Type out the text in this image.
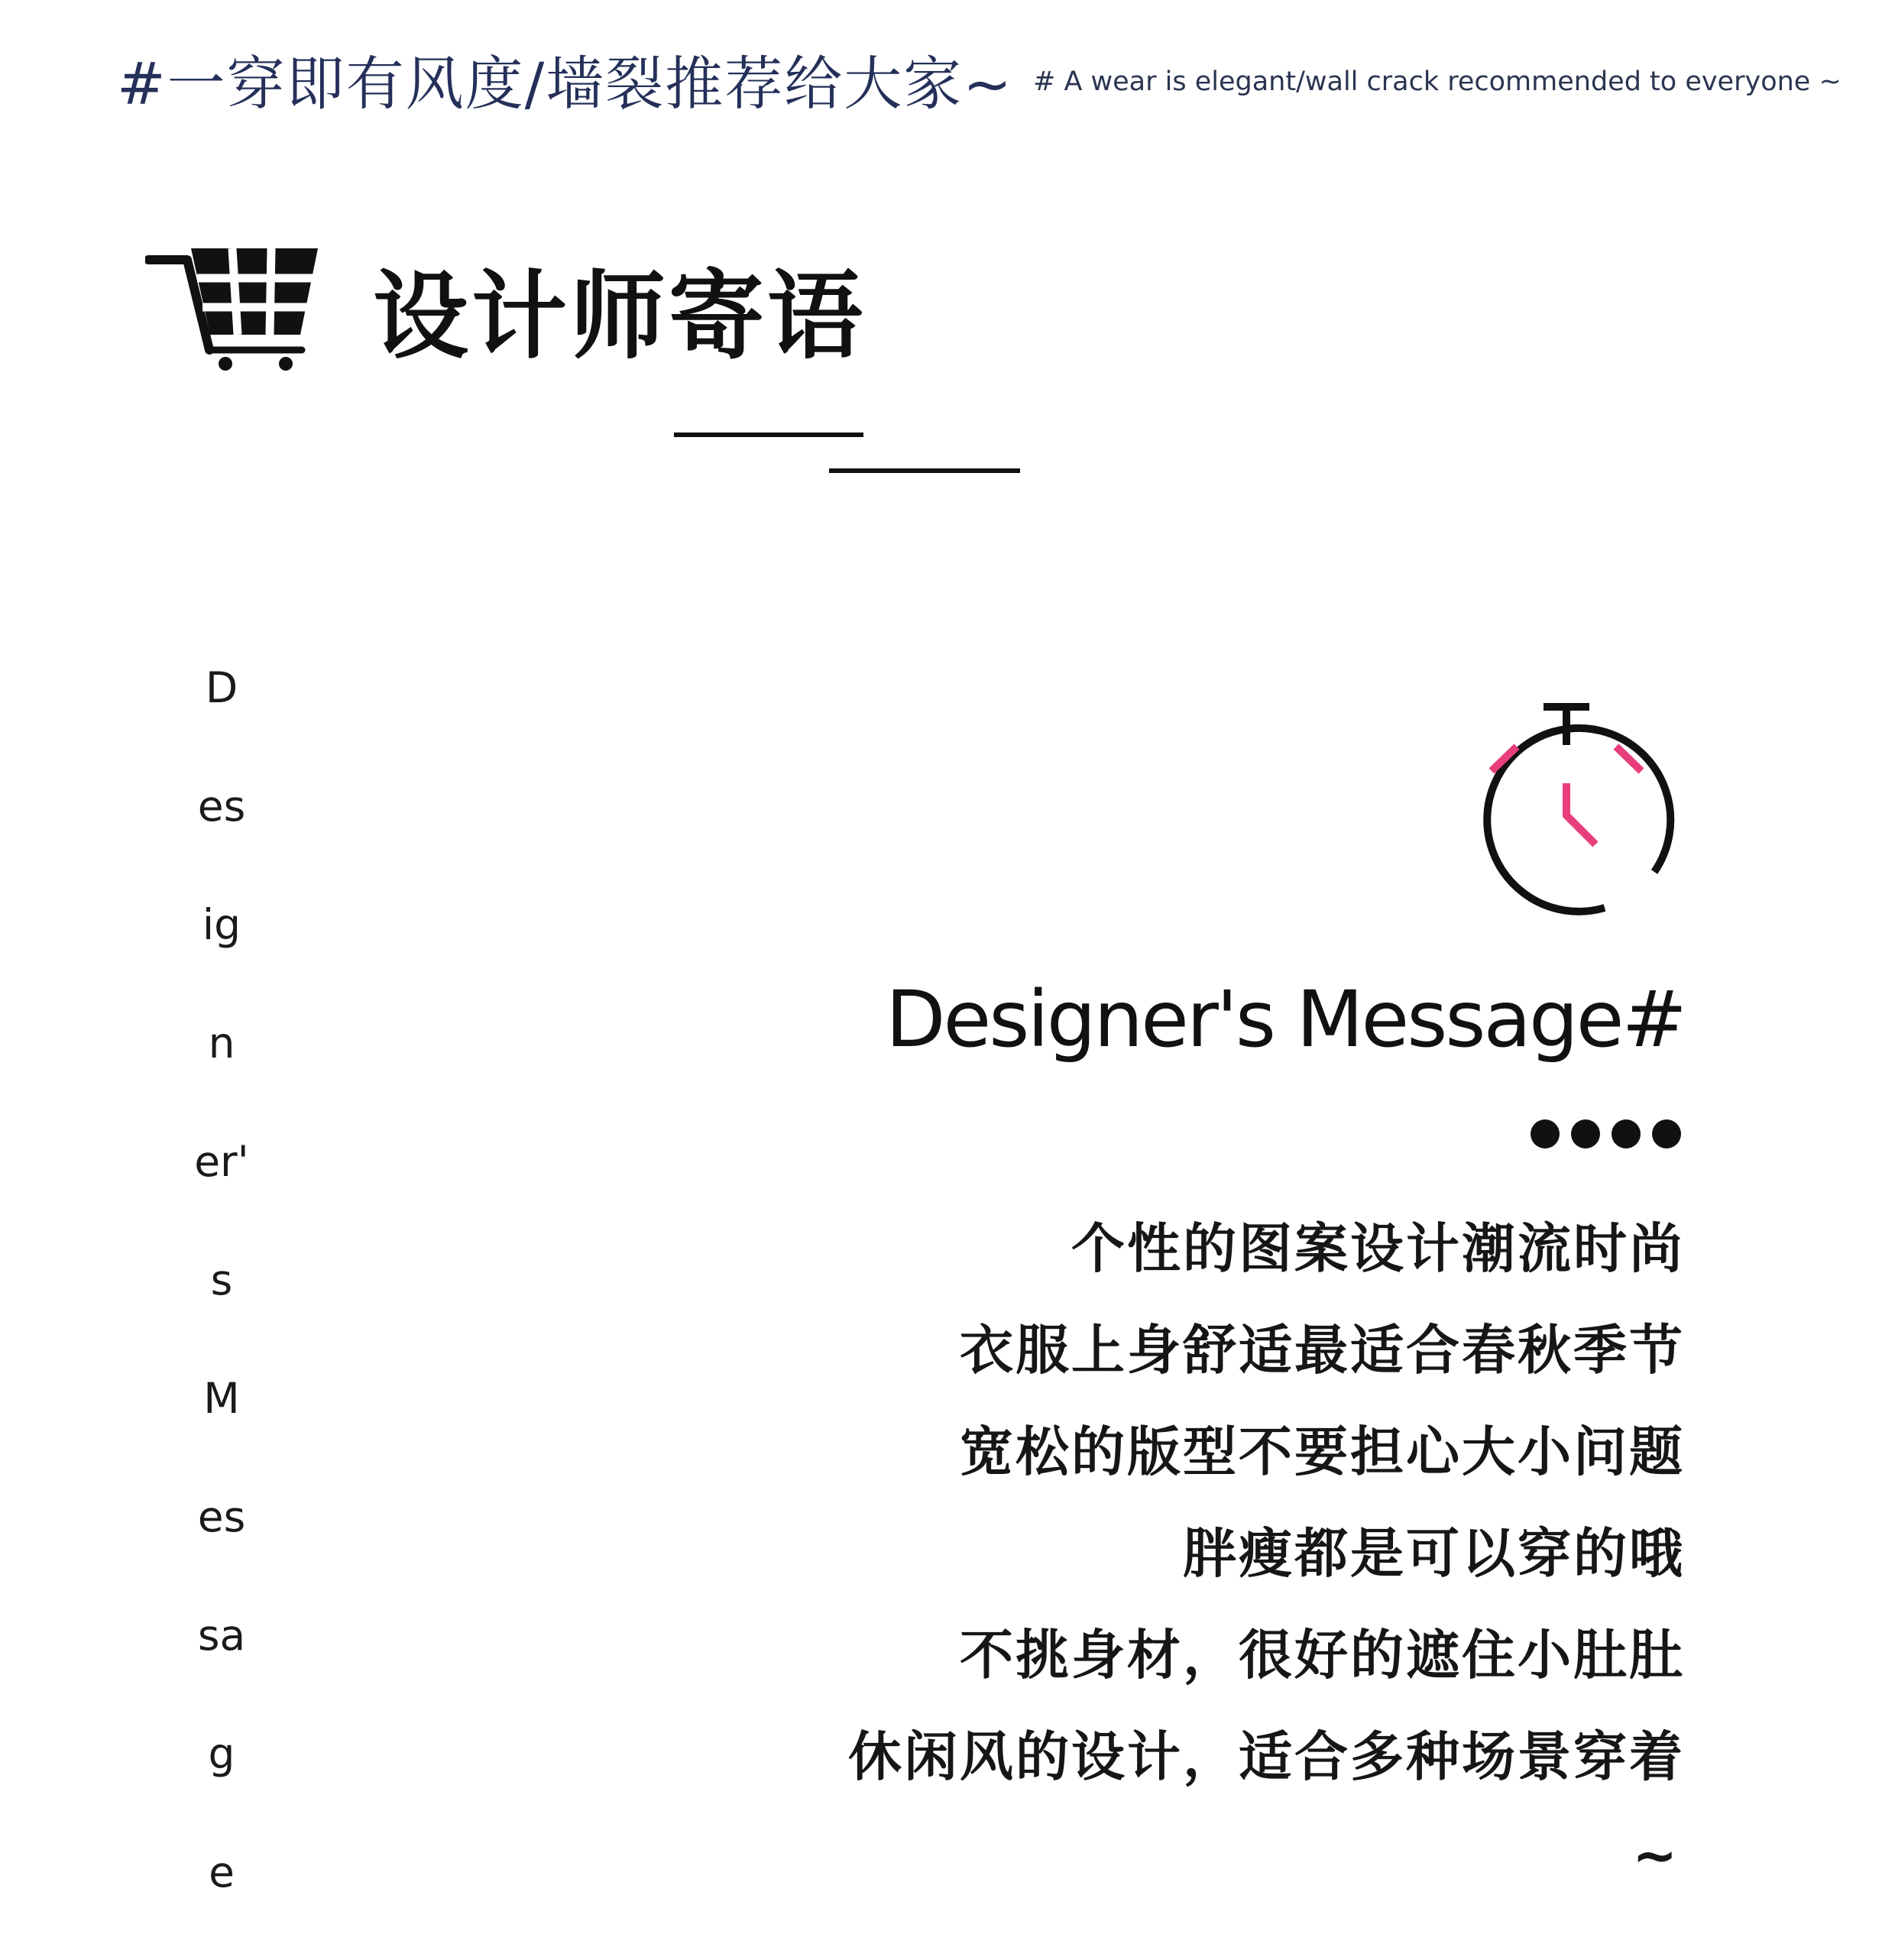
#一穿即有风度/墙裂推荐给大家~ # A wear is elegant/wall crack recommended to everyone ~
设计师寄语
D
es
ig
n
er'
s
M
es
sa
g
e
Designer's Message#
个性的图案设计潮流时尚
衣服上身舒适最适合春秋季节
宽松的版型不要担心大小问题
胖瘦都是可以穿的哦
不挑身材，很好的遮住小肚肚
休闲风的设计，适合多种场景穿着
~
